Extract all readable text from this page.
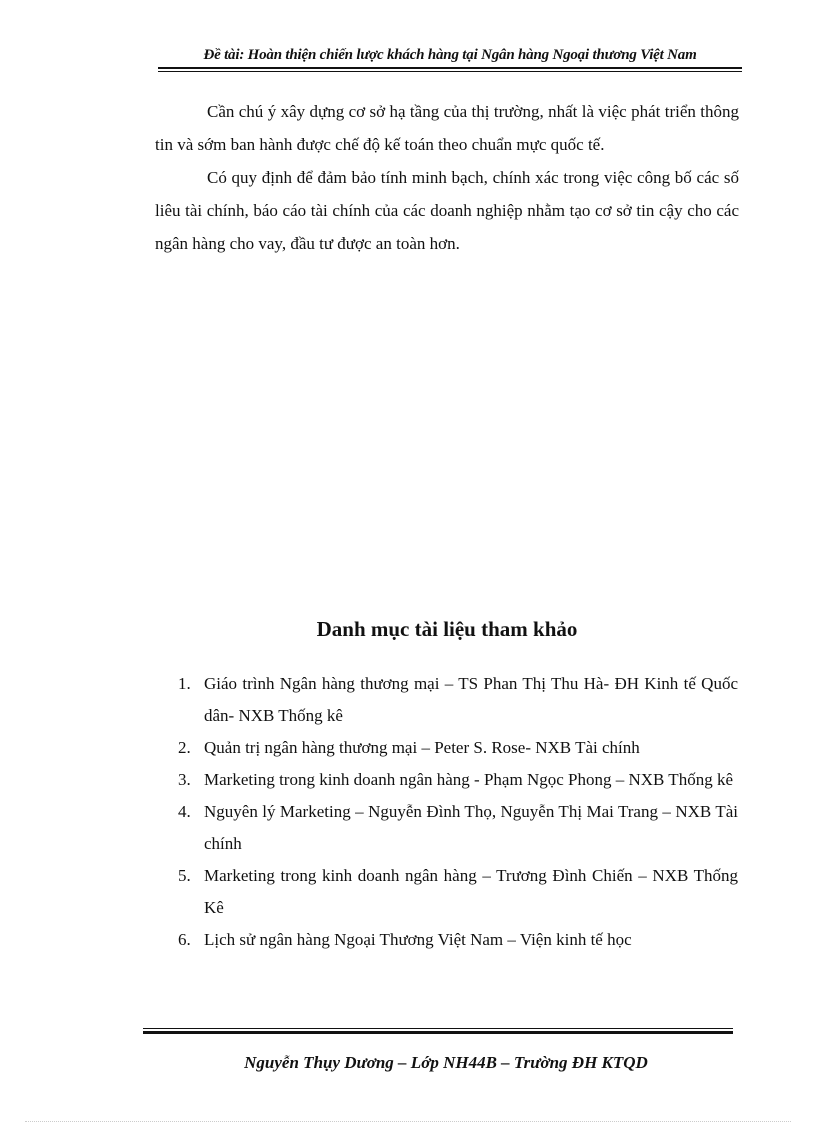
Đề tài: Hoàn thiện chiến lược khách hàng tại Ngân hàng Ngoại thương Việt Nam

Cần chú ý xây dựng cơ sở hạ tầng của thị trường, nhất là việc phát triển thông tin và sớm ban hành được chế độ kế toán theo chuẩn mực quốc tế.

Có quy định để đảm bảo tính minh bạch, chính xác trong việc công bố các số liêu tài chính, báo cáo tài chính của các doanh nghiệp nhằm tạo cơ sở tin cậy cho các ngân hàng cho vay, đầu tư được an toàn hơn.

Danh mục tài liệu tham khảo
1. Giáo trình Ngân hàng thương mại – TS Phan Thị Thu Hà- ĐH Kinh tế Quốc dân- NXB Thống kê
2. Quản trị ngân hàng thương mại – Peter S. Rose- NXB Tài chính
3. Marketing trong kinh doanh ngân hàng - Phạm Ngọc Phong – NXB Thống kê
4. Nguyên lý Marketing – Nguyễn Đình Thọ, Nguyễn Thị Mai Trang – NXB Tài chính
5. Marketing trong kinh doanh ngân hàng – Trương Đình Chiến – NXB Thống Kê
6. Lịch sử ngân hàng Ngoại Thương Việt Nam – Viện kinh tế học
Nguyễn Thụy Dương – Lớp NH44B – Trường ĐH KTQD
